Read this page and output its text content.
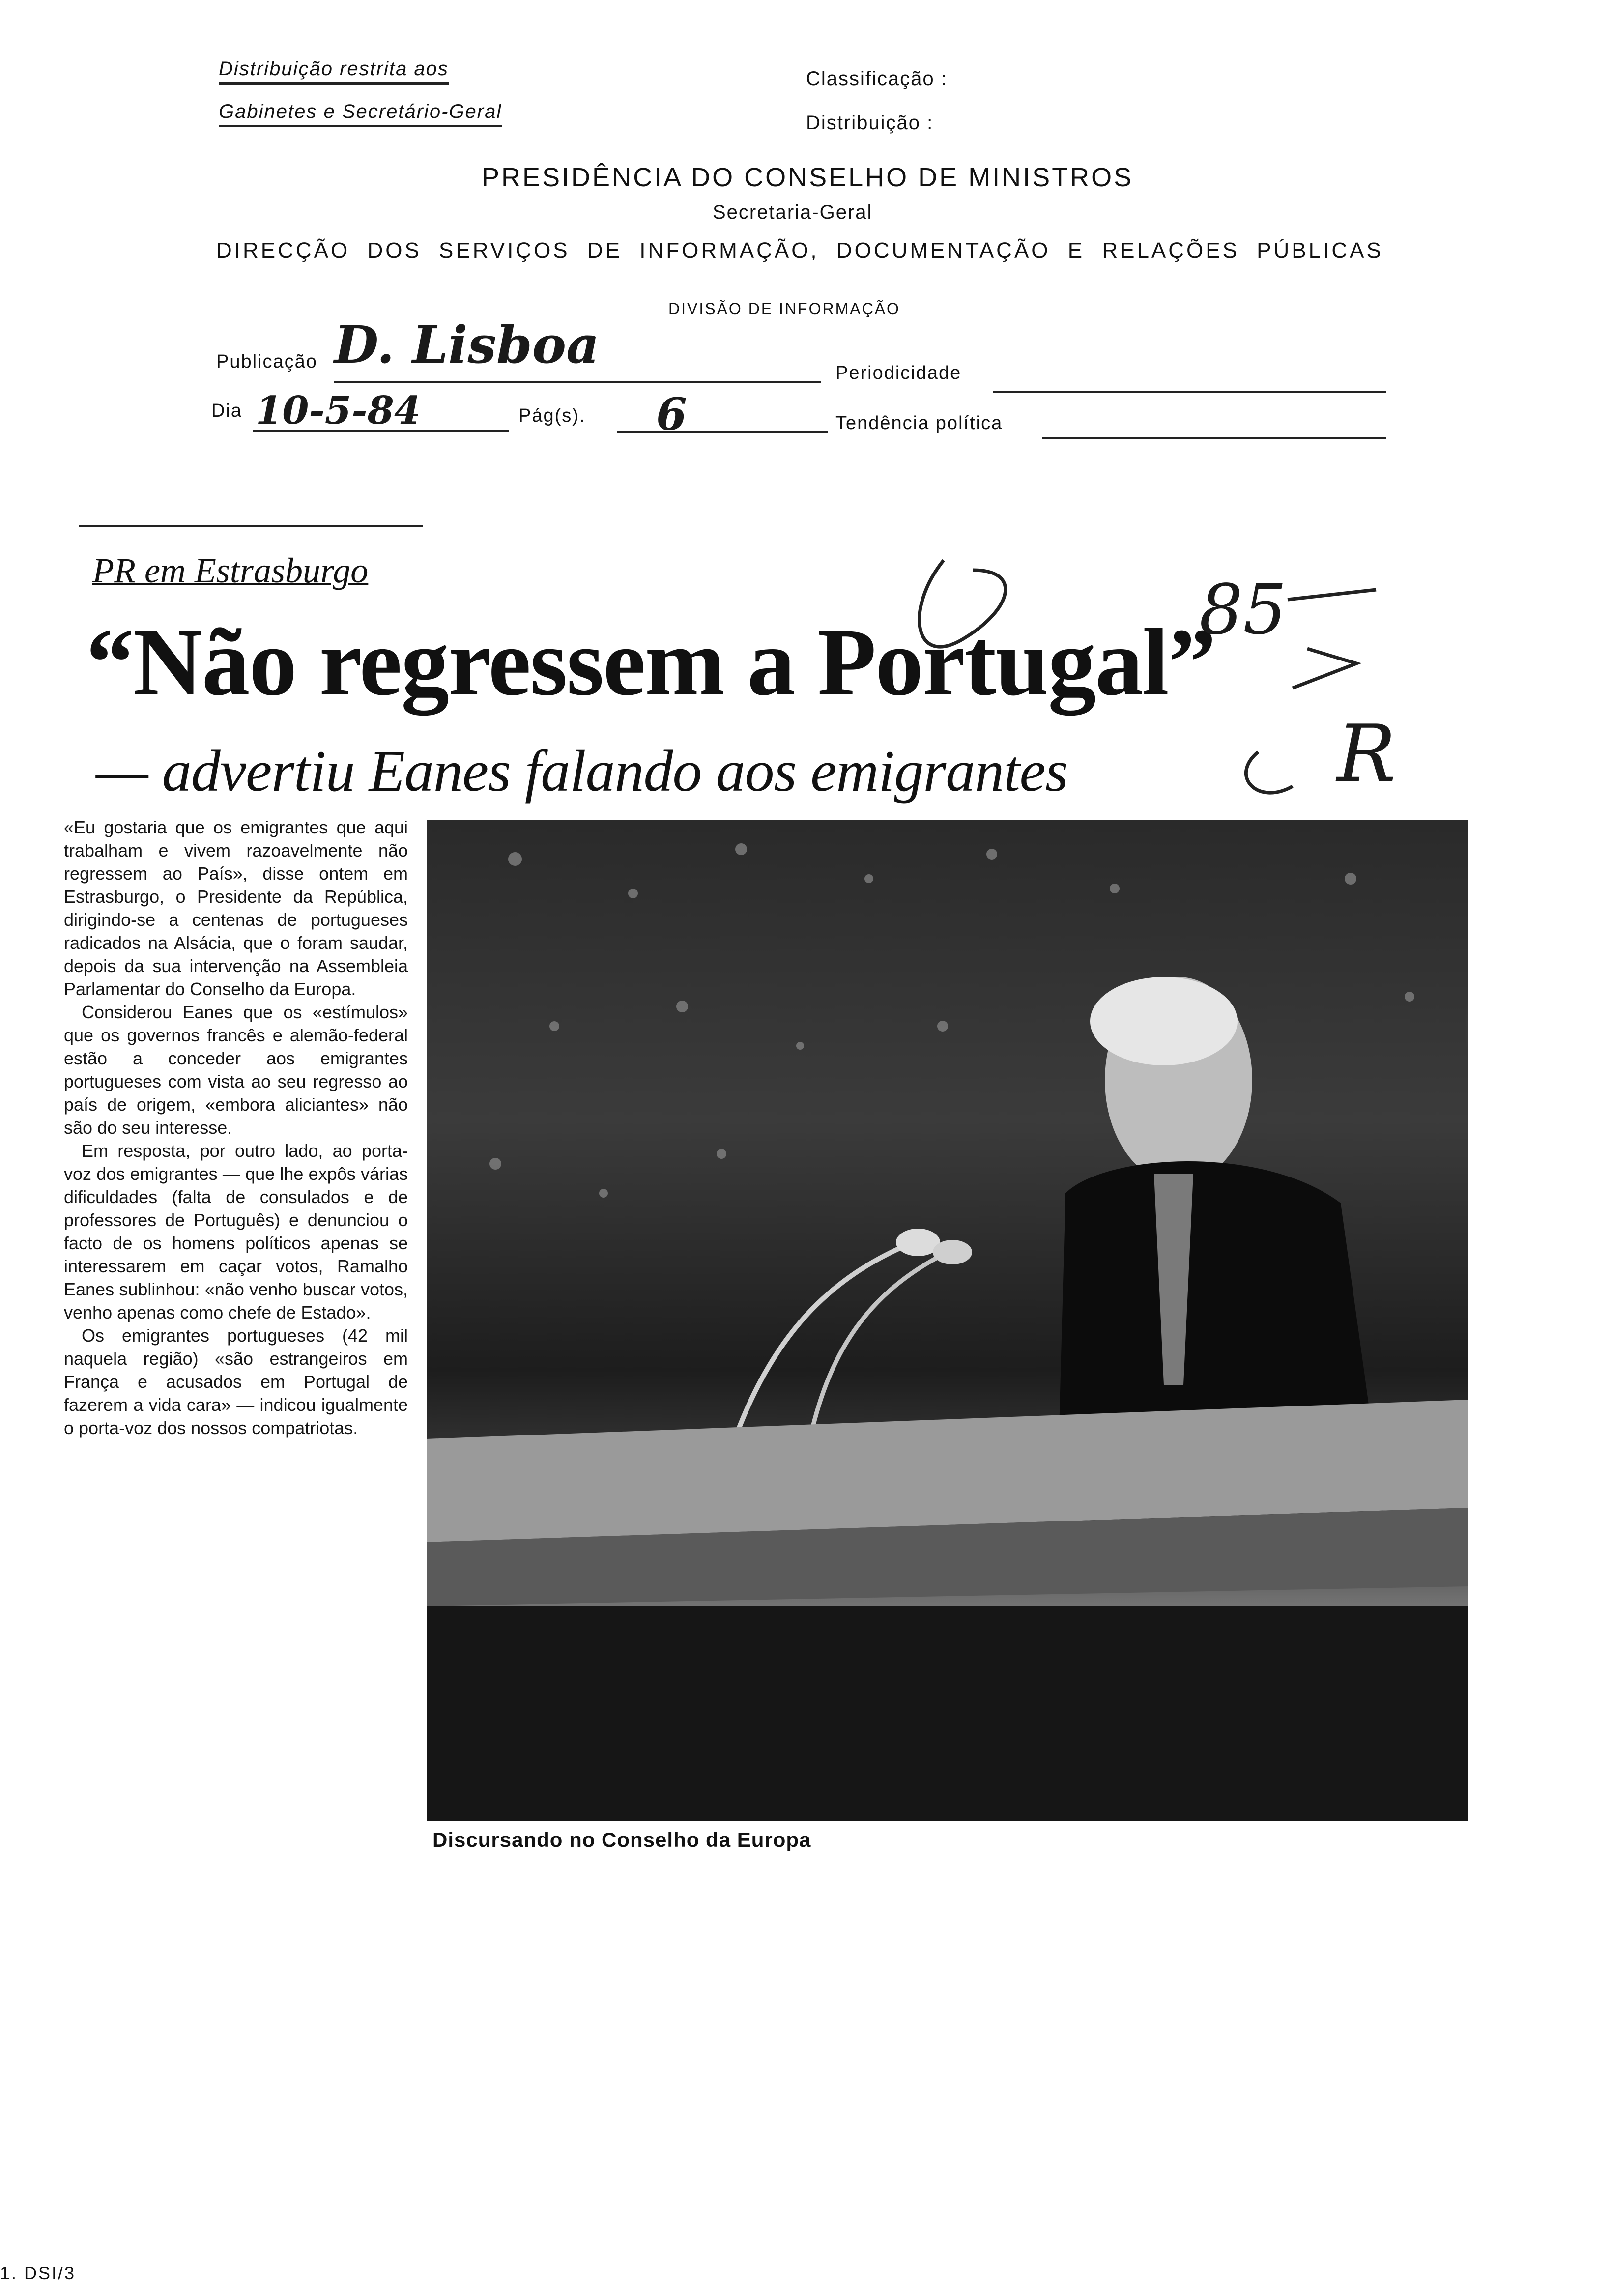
Distribuição restrita aos
Gabinetes e Secretário-Geral
Classificação :
Distribuição :
PRESIDÊNCIA DO CONSELHO DE MINISTROS
Secretaria-Geral
DIRECÇÃO DOS SERVIÇOS DE INFORMAÇÃO, DOCUMENTAÇÃO E RELAÇÕES PÚBLICAS
DIVISÃO DE INFORMAÇÃO
Publicação D. Lisboa	Periodicidade
Dia 10-5-84	Pág(s). 6	Tendência política
PR em Estrasburgo
“Não regressem a Portugal”
— advertiu Eanes falando aos emigrantes
85
R

«Eu gostaria que os emigrantes que aqui trabalham e vivem razoavelmente não regressem ao País», disse ontem em Estrasburgo, o Presidente da República, dirigindo-se a centenas de portugueses radicados na Alsácia, que o foram saudar, depois da sua intervenção na Assembleia Parlamentar do Conselho da Europa.

Considerou Eanes que os «estímulos» que os governos francês e alemão-federal estão a conceder aos emigrantes portugueses com vista ao seu regresso ao país de origem, «embora aliciantes» não são do seu interesse.

Em resposta, por outro lado, ao porta-voz dos emigrantes — que lhe expôs várias dificuldades (falta de consulados e de professores de Português) e denunciou o facto de os homens políticos apenas se interessarem em caçar votos, Ramalho Eanes sublinhou: «não venho buscar votos, venho apenas como chefe de Estado».

Os emigrantes portugueses (42 mil naquela região) «são estrangeiros em França e acusados em Portugal de fazerem a vida cara» — indicou igualmente o porta-voz dos nossos compatriotas.

Discursando no Conselho da Europa
1. DSI/3
